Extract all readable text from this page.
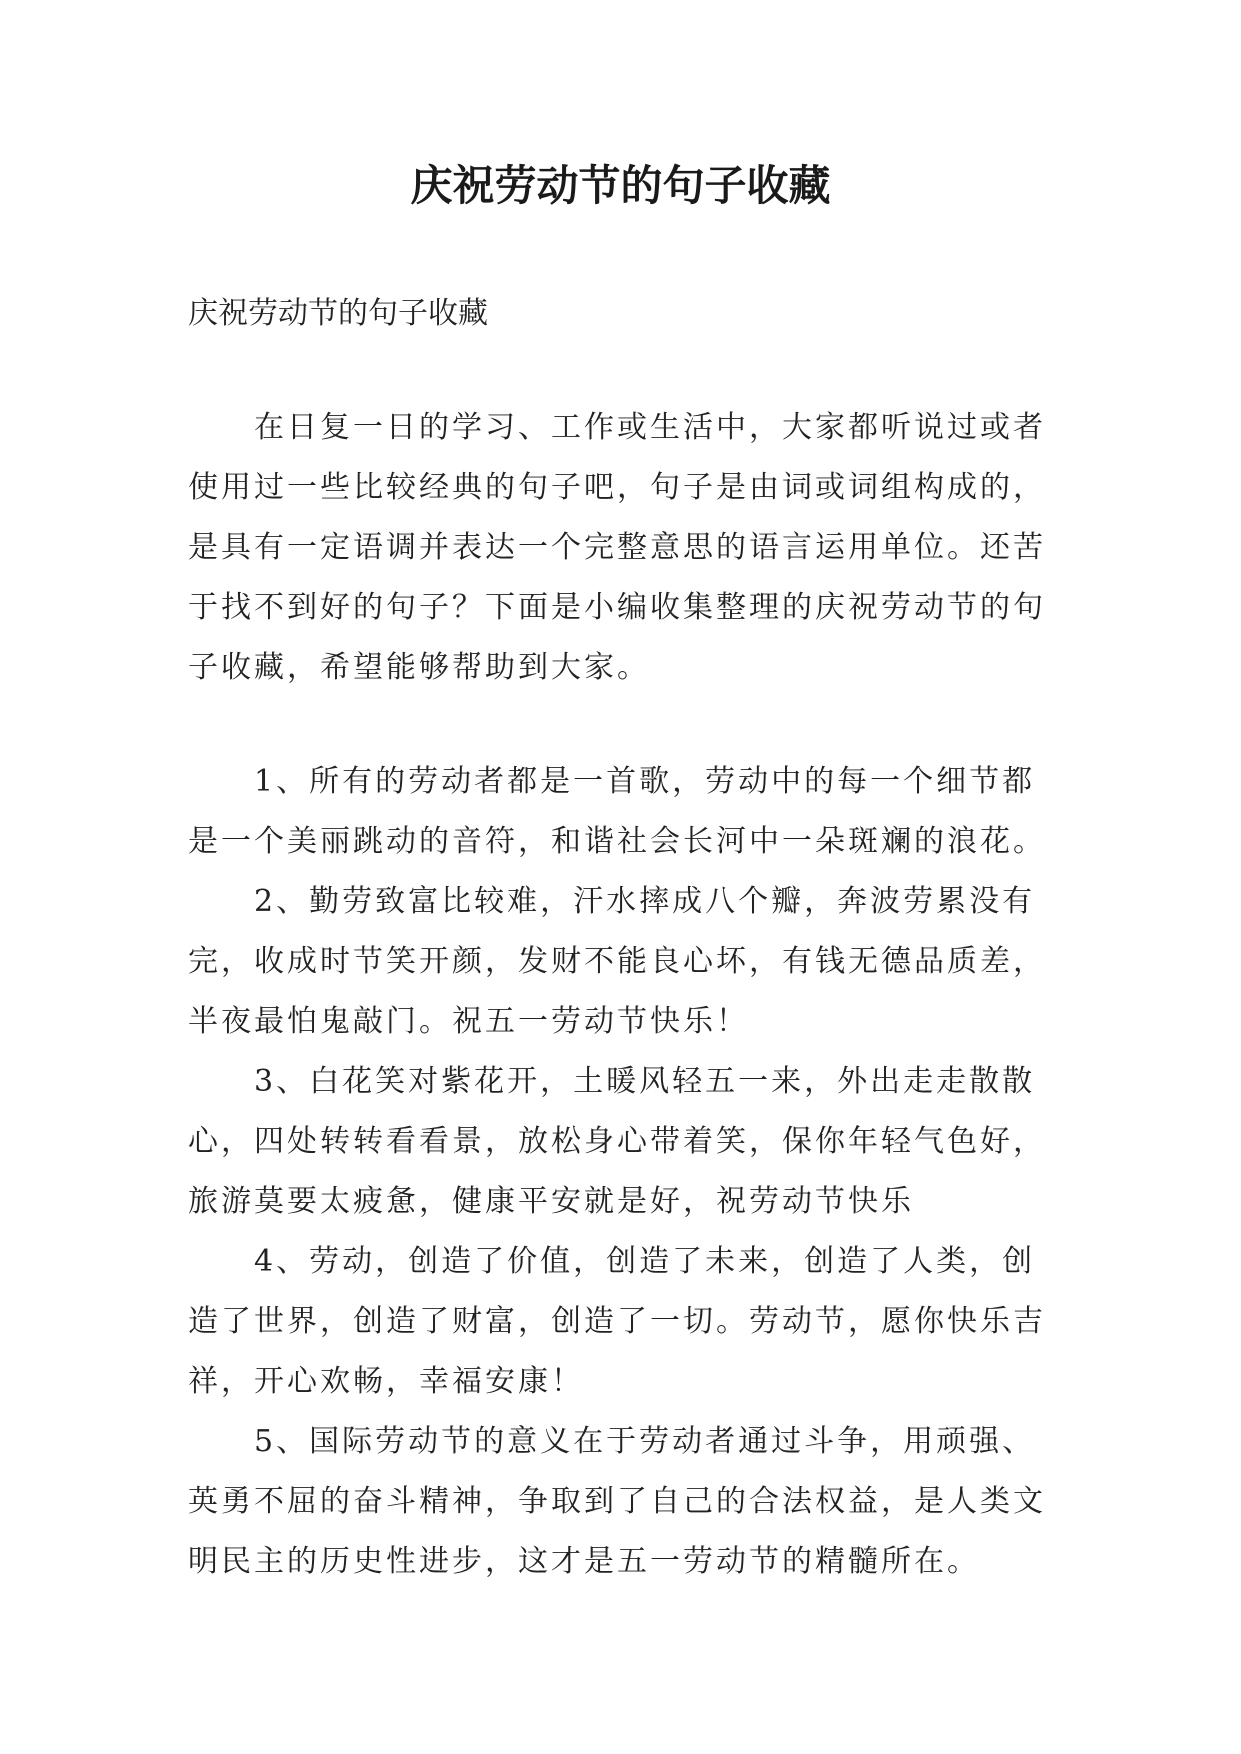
庆祝劳动节的句子收藏
庆祝劳动节的句子收藏

在日复一日的学习、工作或生活中，大家都听说过或者使用过一些比较经典的句子吧，句子是由词或词组构成的，是具有一定语调并表达一个完整意思的语言运用单位。还苦于找不到好的句子？下面是小编收集整理的庆祝劳动节的句子收藏，希望能够帮助到大家。

1、所有的劳动者都是一首歌，劳动中的每一个细节都是一个美丽跳动的音符，和谐社会长河中一朵斑斓的浪花。

2、勤劳致富比较难，汗水摔成八个瓣，奔波劳累没有完，收成时节笑开颜，发财不能良心坏，有钱无德品质差，半夜最怕鬼敲门。祝五一劳动节快乐！

3、白花笑对紫花开，土暖风轻五一来，外出走走散散心，四处转转看看景，放松身心带着笑，保你年轻气色好，旅游莫要太疲惫，健康平安就是好，祝劳动节快乐

4、劳动，创造了价值，创造了未来，创造了人类，创造了世界，创造了财富，创造了一切。劳动节，愿你快乐吉祥，开心欢畅，幸福安康！

5、国际劳动节的意义在于劳动者通过斗争，用顽强、英勇不屈的奋斗精神，争取到了自己的合法权益，是人类文明民主的历史性进步，这才是五一劳动节的精髓所在。
